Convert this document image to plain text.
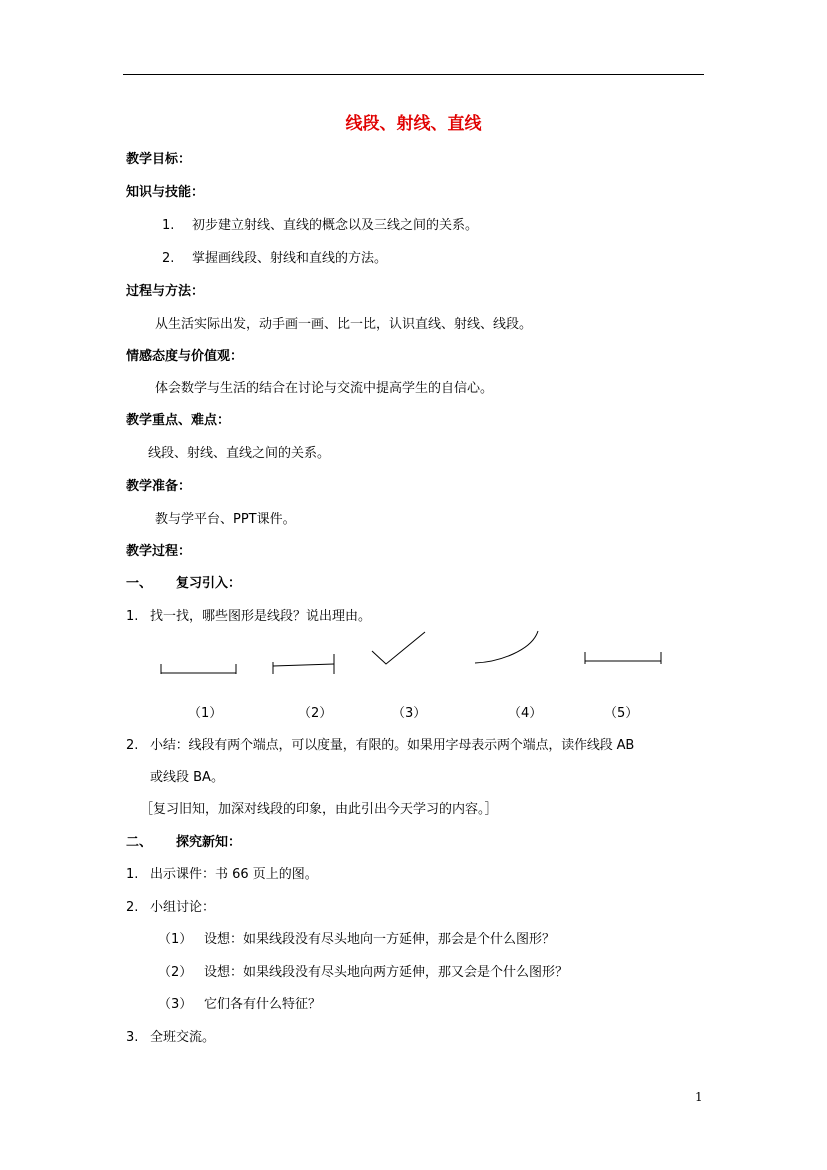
线段、射线、直线
教学目标：
知识与技能：
1. 初步建立射线、直线的概念以及三线之间的关系。
2. 掌握画线段、射线和直线的方法。
过程与方法：
从生活实际出发，动手画一画、比一比，认识直线、射线、线段。
情感态度与价值观：
体会数学与生活的结合在讨论与交流中提高学生的自信心。
教学重点、难点：
线段、射线、直线之间的关系。
教学准备：
教与学平台、PPT课件。
教学过程：
一、 复习引入：
1. 找一找，哪些图形是线段？说出理由。
（1）	（2）	（3）	（4）	（5）
2. 小结：线段有两个端点，可以度量，有限的。如果用字母表示两个端点，读作线段 AB
或线段 BA。
［复习旧知，加深对线段的印象，由此引出今天学习的内容。］
二、 探究新知：
1. 出示课件：书 66 页上的图。
2. 小组讨论：
（1） 设想：如果线段没有尽头地向一方延伸，那会是个什么图形？
（2） 设想：如果线段没有尽头地向两方延伸，那又会是个什么图形？
（3） 它们各有什么特征？
3. 全班交流。
1
